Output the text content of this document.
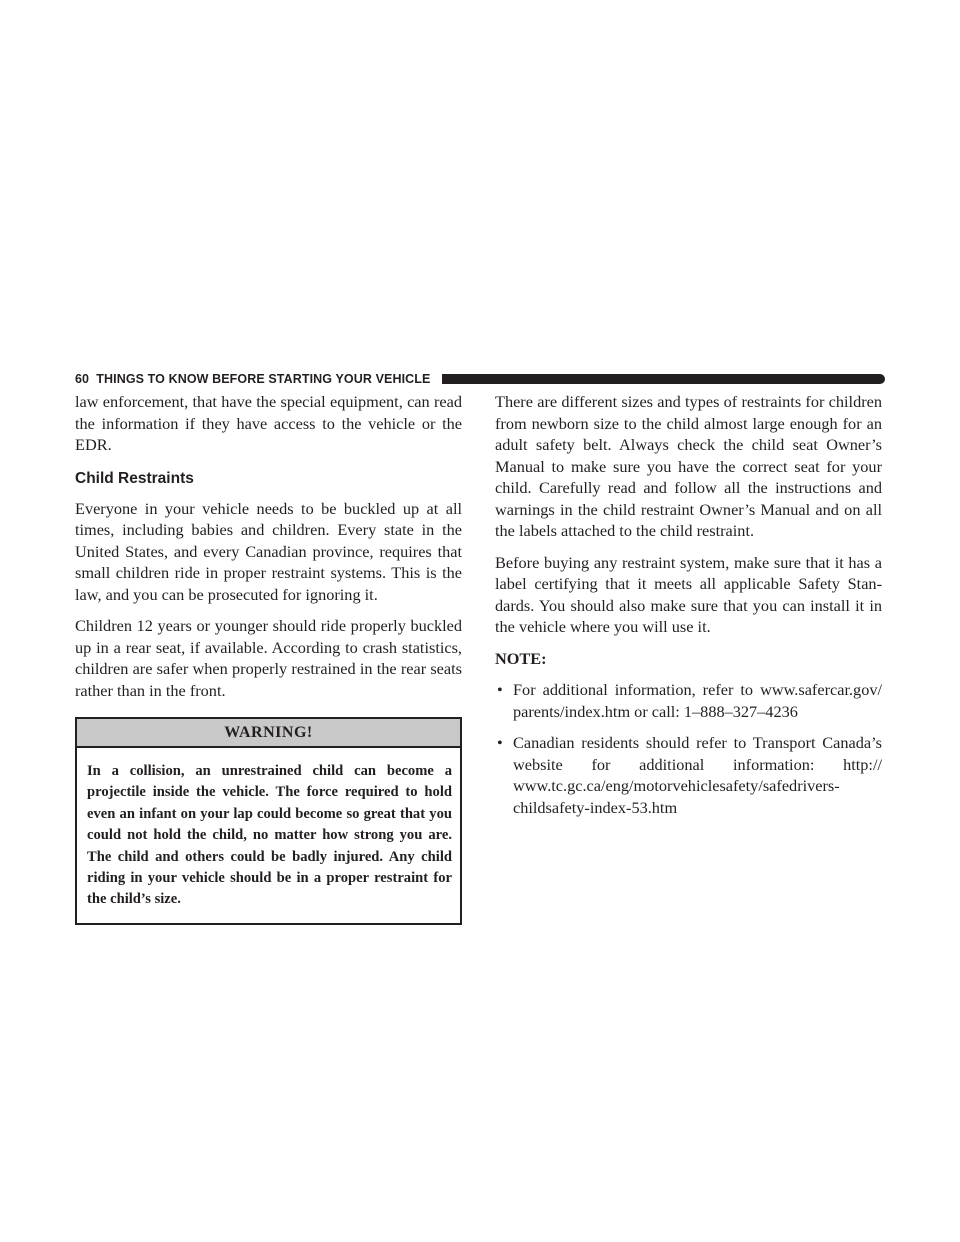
60 THINGS TO KNOW BEFORE STARTING YOUR VEHICLE

law enforcement, that have the special equipment, can read the information if they have access to the vehicle or the EDR.

Child Restraints

Everyone in your vehicle needs to be buckled up at all times, including babies and children. Every state in the United States, and every Canadian province, requires that small children ride in proper restraint systems. This is the law, and you can be prosecuted for ignoring it.

Children 12 years or younger should ride properly buckled up in a rear seat, if available. According to crash statistics, children are safer when properly restrained in the rear seats rather than in the front.

WARNING!
In a collision, an unrestrained child can become a projectile inside the vehicle. The force required to hold even an infant on your lap could become so great that you could not hold the child, no matter how strong you are. The child and others could be badly injured. Any child riding in your vehicle should be in a proper restraint for the child’s size.

There are different sizes and types of restraints for children from newborn size to the child almost large enough for an adult safety belt. Always check the child seat Owner’s Manual to make sure you have the correct seat for your child. Carefully read and follow all the instructions and warnings in the child restraint Owner’s Manual and on all the labels attached to the child restraint.

Before buying any restraint system, make sure that it has a label certifying that it meets all applicable Safety Standards. You should also make sure that you can install it in the vehicle where you will use it.

NOTE:

• For additional information, refer to www.safercar.gov/ parents/index.htm or call: 1–888–327–4236
• Canadian residents should refer to Transport Canada’s website for additional information: http:// www.tc.gc.ca/eng/motorvehiclesafety/safedrivers- childsafety-index-53.htm
